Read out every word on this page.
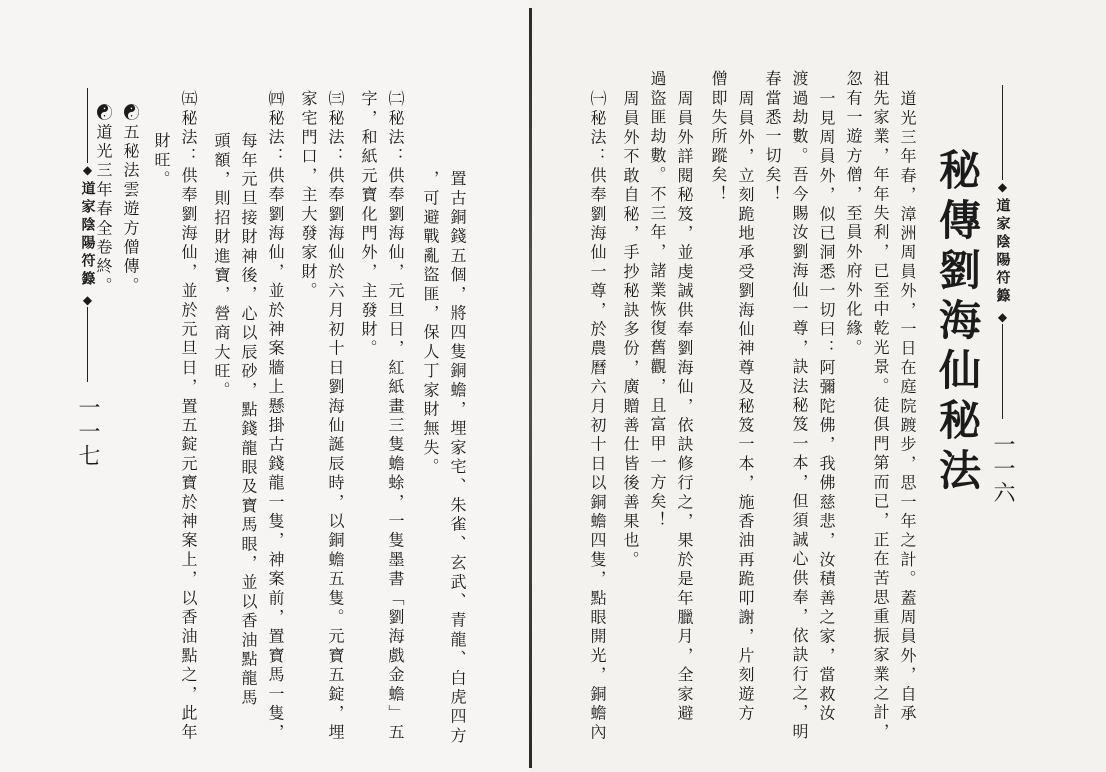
◆
道家陰陽符籙
◆
一一七	置古銅錢五個，將四隻銅蟾，埋家宅、朱雀、玄武、青龍、白虎四方
，可避戰亂盜匪，保人丁家財無失。
㈡秘法：供奉劉海仙，元旦日，紅紙畫三隻蟾蜍，一隻墨書「劉海戲金蟾」五
字，和紙元寶化門外，主發財。
㈢秘法：供奉劉海仙於六月初十日劉海仙誕辰時，以銅蟾五隻。元寶五錠，埋
家宅門口，主大發家財。
㈣秘法：供奉劉海仙，並於神案牆上懸掛古錢龍一隻，神案前，置寶馬一隻，
每年元旦接財神後，心以辰砂，點錢龍眼及寶馬眼，並以香油點龍馬
頭額，則招財進寶，營商大旺。
㈤秘法：供奉劉海仙，並於元旦日，置五錠元寶於神案上，以香油點之，此年
財旺。
☯五秘法雲遊方僧傳。
☯道光三年春全卷終。	◆
道家陰陽符籙
◆
一一六
秘傳劉海仙秘法
道光三年春，漳洲周員外，一日在庭院踱步，思一年之計。蓋周員外，自承
祖先家業，年年失利，已至中乾光景。徒俱門第而已，正在苦思重振家業之計，
忽有一遊方僧，至員外府外化緣。
一見周員外，似已洞悉一切曰：阿彌陀佛，我佛慈悲，汝積善之家，當救汝
渡過劫數。吾今賜汝劉海仙一尊，訣法秘笈一本，但須誠心供奉，依訣行之，明
春當悉一切矣！
周員外，立刻跪地承受劉海仙神尊及秘笈一本，施香油再跪叩謝，片刻遊方
僧即失所蹤矣！
周員外詳閱秘笈，並虔誠供奉劉海仙，依訣修行之，果於是年臘月，全家避
過盜匪劫數。不三年，諸業恢復舊觀，且富甲一方矣！
周員外不敢自秘，手抄秘訣多份，廣贈善仕皆後善果也。
㈠秘法：供奉劉海仙一尊，於農曆六月初十日以銅蟾四隻，點眼開光，銅蟾內
